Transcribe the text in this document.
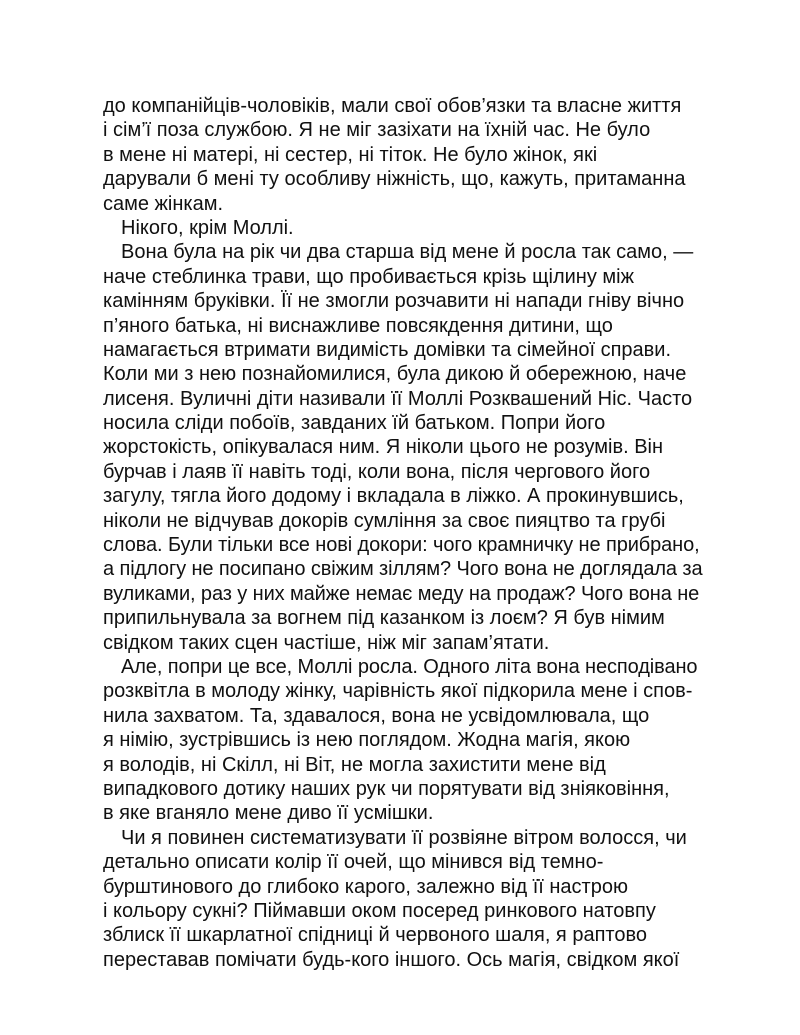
до компанійців-чоловіків, мали свої обов’язки та власне життя
і сім’ї поза службою. Я не міг зазіхати на їхній час. Не було
в мене ні матері, ні сестер, ні тіток. Не було жінок, які
дарували б мені ту особливу ніжність, що, кажуть, притаманна
саме жінкам.
Нікого, крім Моллі.
Вона була на рік чи два старша від мене й росла так само, —
наче стеблинка трави, що пробивається крізь щілину між
камінням бруківки. Її не змогли розчавити ні напади гніву вічно
п’яного батька, ні виснажливе повсякдення дитини, що
намагається втримати видимість домівки та сімейної справи.
Коли ми з нею познайомилися, була дикою й обережною, наче
лисеня. Вуличні діти називали її Моллі Розквашений Ніс. Часто
носила сліди побоїв, завданих їй батьком. Попри його
жорстокість, опікувалася ним. Я ніколи цього не розумів. Він
бурчав і лаяв її навіть тоді, коли вона, після чергового його
загулу, тягла його додому і вкладала в ліжко. А прокинувшись,
ніколи не відчував докорів сумління за своє пияцтво та грубі
слова. Були тільки все нові докори: чого крамничку не прибрано,
а підлогу не посипано свіжим зіллям? Чого вона не доглядала за
вуликами, раз у них майже немає меду на продаж? Чого вона не
припильнувала за вогнем під казанком із лоєм? Я був німим
свідком таких сцен частіше, ніж міг запам’ятати.
Але, попри це все, Моллі росла. Одного літа вона несподівано
розквітла в молоду жінку, чарівність якої підкорила мене і спов-
нила захватом. Та, здавалося, вона не усвідомлювала, що
я німію, зустрівшись із нею поглядом. Жодна магія, якою
я володів, ні Скілл, ні Віт, не могла захистити мене від
випадкового дотику наших рук чи порятувати від зніяковіння,
в яке вганяло мене диво її усмішки.
Чи я повинен систематизувати її розвіяне вітром волосся, чи
детально описати колір її очей, що мінився від темно-
бурштинового до глибоко карого, залежно від її настрою
і кольору сукні? Піймавши оком посеред ринкового натовпу
зблиск її шкарлатної спідниці й червоного шаля, я раптово
переставав помічати будь-кого іншого. Ось магія, свідком якої
